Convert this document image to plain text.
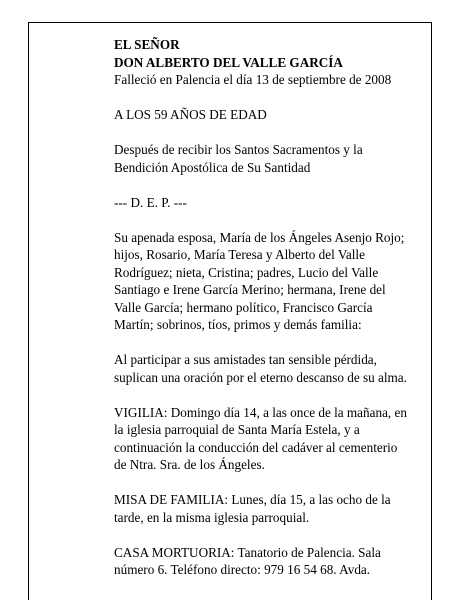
EL SEÑOR
DON ALBERTO DEL VALLE GARCÍA
Falleció en Palencia el día 13 de septiembre de 2008
A LOS 59 AÑOS DE EDAD
Después de recibir los Santos Sacramentos y la
Bendición Apostólica de Su Santidad
--- D. E. P. ---
Su apenada esposa, María de los Ángeles Asenjo Rojo;
hijos, Rosario, María Teresa y Alberto del Valle
Rodríguez; nieta, Cristina; padres, Lucio del Valle
Santiago e Irene García Merino; hermana, Irene del
Valle García; hermano político, Francisco García
Martín; sobrinos, tíos, primos y demás familia:
Al participar a sus amistades tan sensible pérdida,
suplican una oración por el eterno descanso de su alma.
VIGILIA: Domingo día 14, a las once de la mañana, en
la iglesia parroquial de Santa María Estela, y a
continuación la conducción del cadáver al cementerio
de Ntra. Sra. de los Ángeles.
MISA DE FAMILIA: Lunes, día 15, a las ocho de la
tarde, en la misma iglesia parroquial.
CASA MORTUORIA: Tanatorio de Palencia. Sala
número 6. Teléfono directo: 979 16 54 68. Avda.
